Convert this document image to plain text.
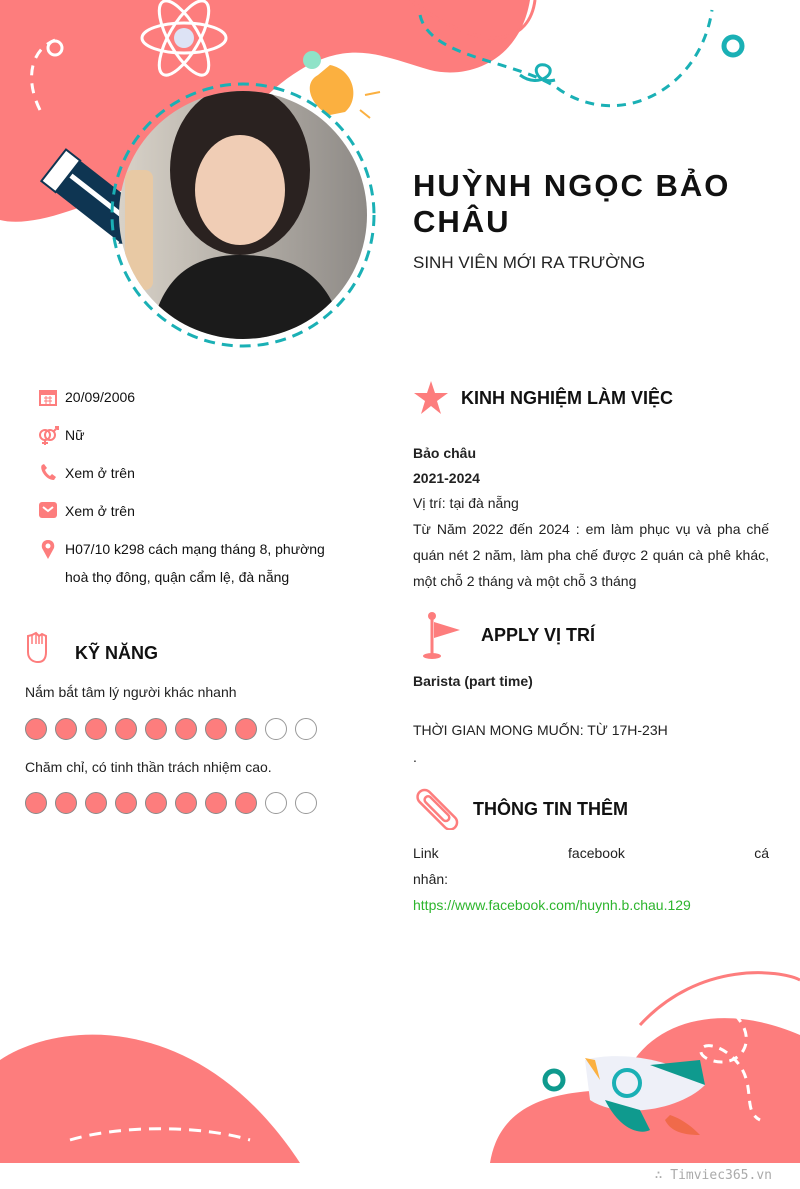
HUỲNH NGỌC BẢO CHÂU
SINH VIÊN MỚI RA TRƯỜNG
20/09/2006
Nữ
Xem ở trên
Xem ở trên
H07/10 k298 cách mạng tháng 8, phường hoà thọ đông, quận cẩm lệ, đà nẵng
KỸ NĂNG
Nắm bắt tâm lý người khác nhanh
Chăm chỉ, có tinh thần trách nhiệm cao.
KINH NGHIỆM LÀM VIỆC
Bảo châu
2021-2024
Vị trí: tại đà nẵng
Từ Năm 2022 đến 2024 : em làm phục vụ và pha chế quán nét 2 năm, làm pha chế được 2 quán cà phê khác, một chỗ 2 tháng và một chỗ 3 tháng
APPLY VỊ TRÍ
Barista (part time)
THỜI GIAN MONG MUỐN: TỪ 17H-23H
.
THÔNG TIN THÊM
Link facebook cá nhân: https://www.facebook.com/huynh.b.chau.129
∴ Timviec365.vn
